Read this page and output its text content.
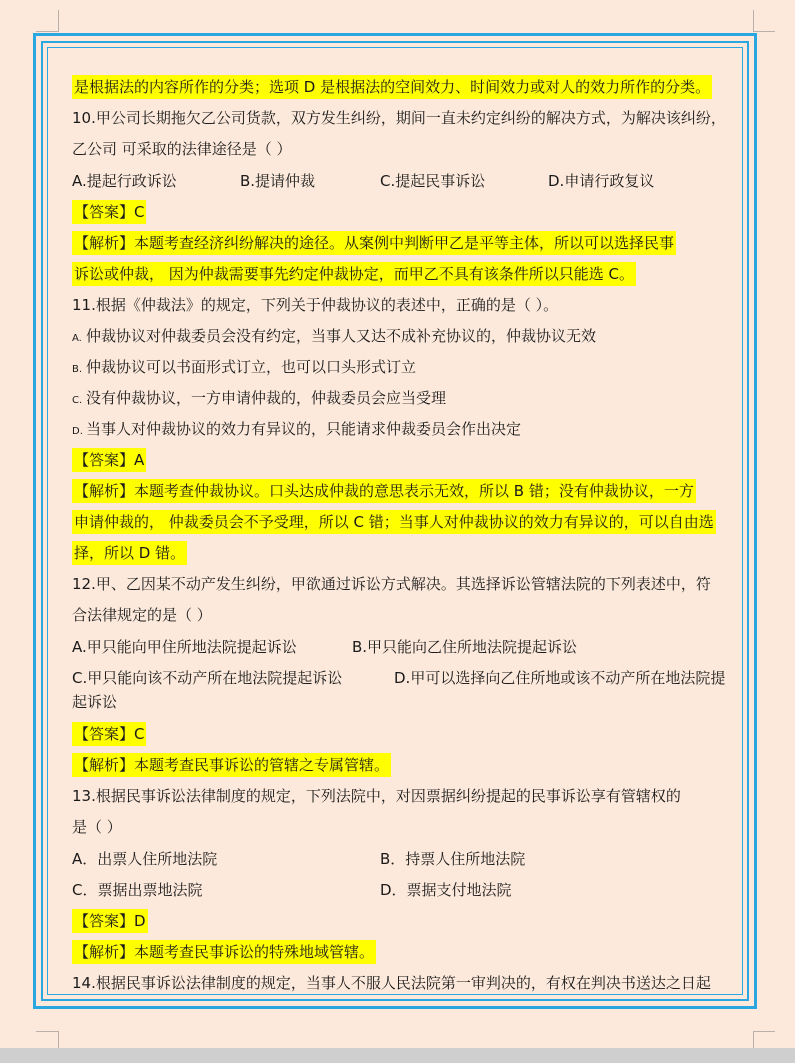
是根据法的内容所作的分类；选项 D 是根据法的空间效力、时间效力或对人的效力所作的分类。
10.甲公司长期拖欠乙公司货款，双方发生纠纷，期间一直未约定纠纷的解决方式，为解决该纠纷，
乙公司 可采取的法律途径是（ ）
A.提起行政诉讼	B.提请仲裁	C.提起民事诉讼	D.申请行政复议
【答案】C
【解析】本题考查经济纠纷解决的途径。从案例中判断甲乙是平等主体，所以可以选择民事
诉讼或仲裁， 因为仲裁需要事先约定仲裁协定，而甲乙不具有该条件所以只能选 C。
11.根据《仲裁法》的规定，下列关于仲裁协议的表述中，正确的是（ ）。
A. 仲裁协议对仲裁委员会没有约定，当事人又达不成补充协议的，仲裁协议无效
B. 仲裁协议可以书面形式订立，也可以口头形式订立
C. 没有仲裁协议，一方申请仲裁的，仲裁委员会应当受理
D. 当事人对仲裁协议的效力有异议的，只能请求仲裁委员会作出决定
【答案】A
【解析】本题考查仲裁协议。口头达成仲裁的意思表示无效，所以 B 错；没有仲裁协议，一方
申请仲裁的， 仲裁委员会不予受理，所以 C 错；当事人对仲裁协议的效力有异议的，可以自由选
择，所以 D 错。
12.甲、乙因某不动产发生纠纷，甲欲通过诉讼方式解决。其选择诉讼管辖法院的下列表述中，符
合法律规定的是（ ）
A.甲只能向甲住所地法院提起诉讼	B.甲只能向乙住所地法院提起诉讼
C.甲只能向该不动产所在地法院提起诉讼	D.甲可以选择向乙住所地或该不动产所在地法院提
起诉讼
【答案】C
【解析】本题考查民事诉讼的管辖之专属管辖。
13.根据民事诉讼法律制度的规定，下列法院中，对因票据纠纷提起的民事诉讼享有管辖权的
是（ ）
A．出票人住所地法院	B．持票人住所地法院
C．票据出票地法院	D．票据支付地法院
【答案】D
【解析】本题考查民事诉讼的特殊地域管辖。
14.根据民事诉讼法律制度的规定，当事人不服人民法院第一审判决的，有权在判决书送达之日起
